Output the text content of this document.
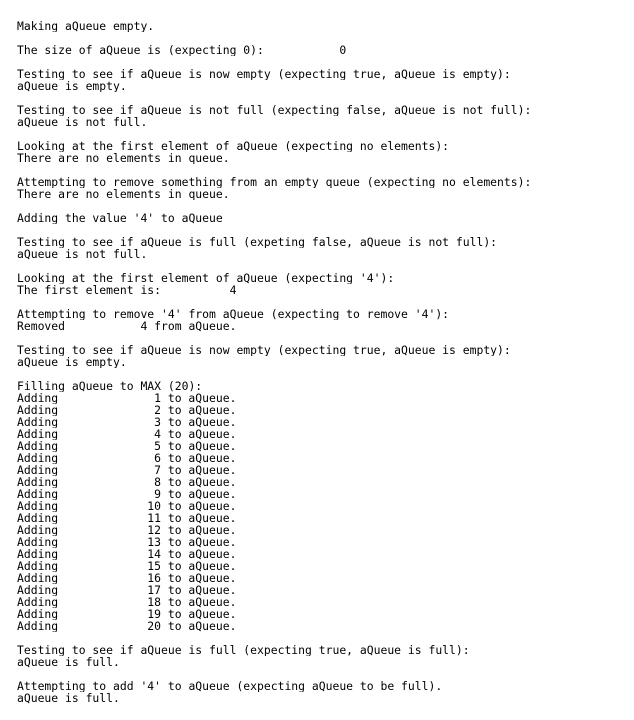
Making aQueue empty.
The size of aQueue is (expecting 0):           0
Testing to see if aQueue is now empty (expecting true, aQueue is empty):
aQueue is empty.
Testing to see if aQueue is not full (expecting false, aQueue is not full):
aQueue is not full.
Looking at the first element of aQueue (expecting no elements):
There are no elements in queue.
Attempting to remove something from an empty queue (expecting no elements):
There are no elements in queue.
Adding the value '4' to aQueue
Testing to see if aQueue is full (expeting false, aQueue is not full):
aQueue is not full.
Looking at the first element of aQueue (expecting '4'):
The first element is:          4
Attempting to remove '4' from aQueue (expecting to remove '4'):
Removed           4 from aQueue.
Testing to see if aQueue is now empty (expecting true, aQueue is empty):
aQueue is empty.
Filling aQueue to MAX (20):
Adding	1 to aQueue.
Adding	2 to aQueue.
Adding	3 to aQueue.
Adding	4 to aQueue.
Adding	5 to aQueue.
Adding	6 to aQueue.
Adding	7 to aQueue.
Adding	8 to aQueue.
Adding	9 to aQueue.
Adding	10 to aQueue.
Adding	11 to aQueue.
Adding	12 to aQueue.
Adding	13 to aQueue.
Adding	14 to aQueue.
Adding	15 to aQueue.
Adding	16 to aQueue.
Adding	17 to aQueue.
Adding	18 to aQueue.
Adding	19 to aQueue.
Adding	20 to aQueue.
Testing to see if aQueue is full (expecting true, aQueue is full):
aQueue is full.
Attempting to add '4' to aQueue (expecting aQueue to be full).
aQueue is full.
